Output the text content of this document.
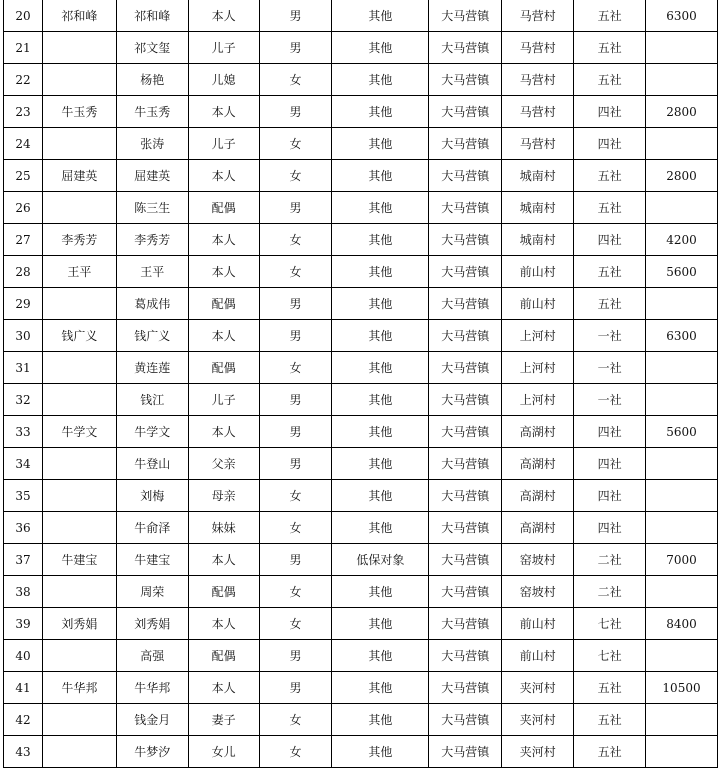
20	祁和峰	祁和峰	本人	男	其他	大马营镇	马营村	五社	6300
21		祁文玺	儿子	男	其他	大马营镇	马营村	五社	
22		杨艳	儿媳	女	其他	大马营镇	马营村	五社	
23	牛玉秀	牛玉秀	本人	男	其他	大马营镇	马营村	四社	2800
24		张涛	儿子	女	其他	大马营镇	马营村	四社	
25	屈建英	屈建英	本人	女	其他	大马营镇	城南村	五社	2800
26		陈三生	配偶	男	其他	大马营镇	城南村	五社	
27	李秀芳	李秀芳	本人	女	其他	大马营镇	城南村	四社	4200
28	王平	王平	本人	女	其他	大马营镇	前山村	五社	5600
29		葛成伟	配偶	男	其他	大马营镇	前山村	五社	
30	钱广义	钱广义	本人	男	其他	大马营镇	上河村	一社	6300
31		黄连莲	配偶	女	其他	大马营镇	上河村	一社	
32		钱江	儿子	男	其他	大马营镇	上河村	一社	
33	牛学文	牛学文	本人	男	其他	大马营镇	高湖村	四社	5600
34		牛登山	父亲	男	其他	大马营镇	高湖村	四社	
35		刘梅	母亲	女	其他	大马营镇	高湖村	四社	
36		牛俞泽	妹妹	女	其他	大马营镇	高湖村	四社	
37	牛建宝	牛建宝	本人	男	低保对象	大马营镇	窑坡村	二社	7000
38		周荣	配偶	女	其他	大马营镇	窑坡村	二社	
39	刘秀娟	刘秀娟	本人	女	其他	大马营镇	前山村	七社	8400
40		高强	配偶	男	其他	大马营镇	前山村	七社	
41	牛华邦	牛华邦	本人	男	其他	大马营镇	夹河村	五社	10500
42		钱金月	妻子	女	其他	大马营镇	夹河村	五社	
43		牛梦汐	女儿	女	其他	大马营镇	夹河村	五社	
